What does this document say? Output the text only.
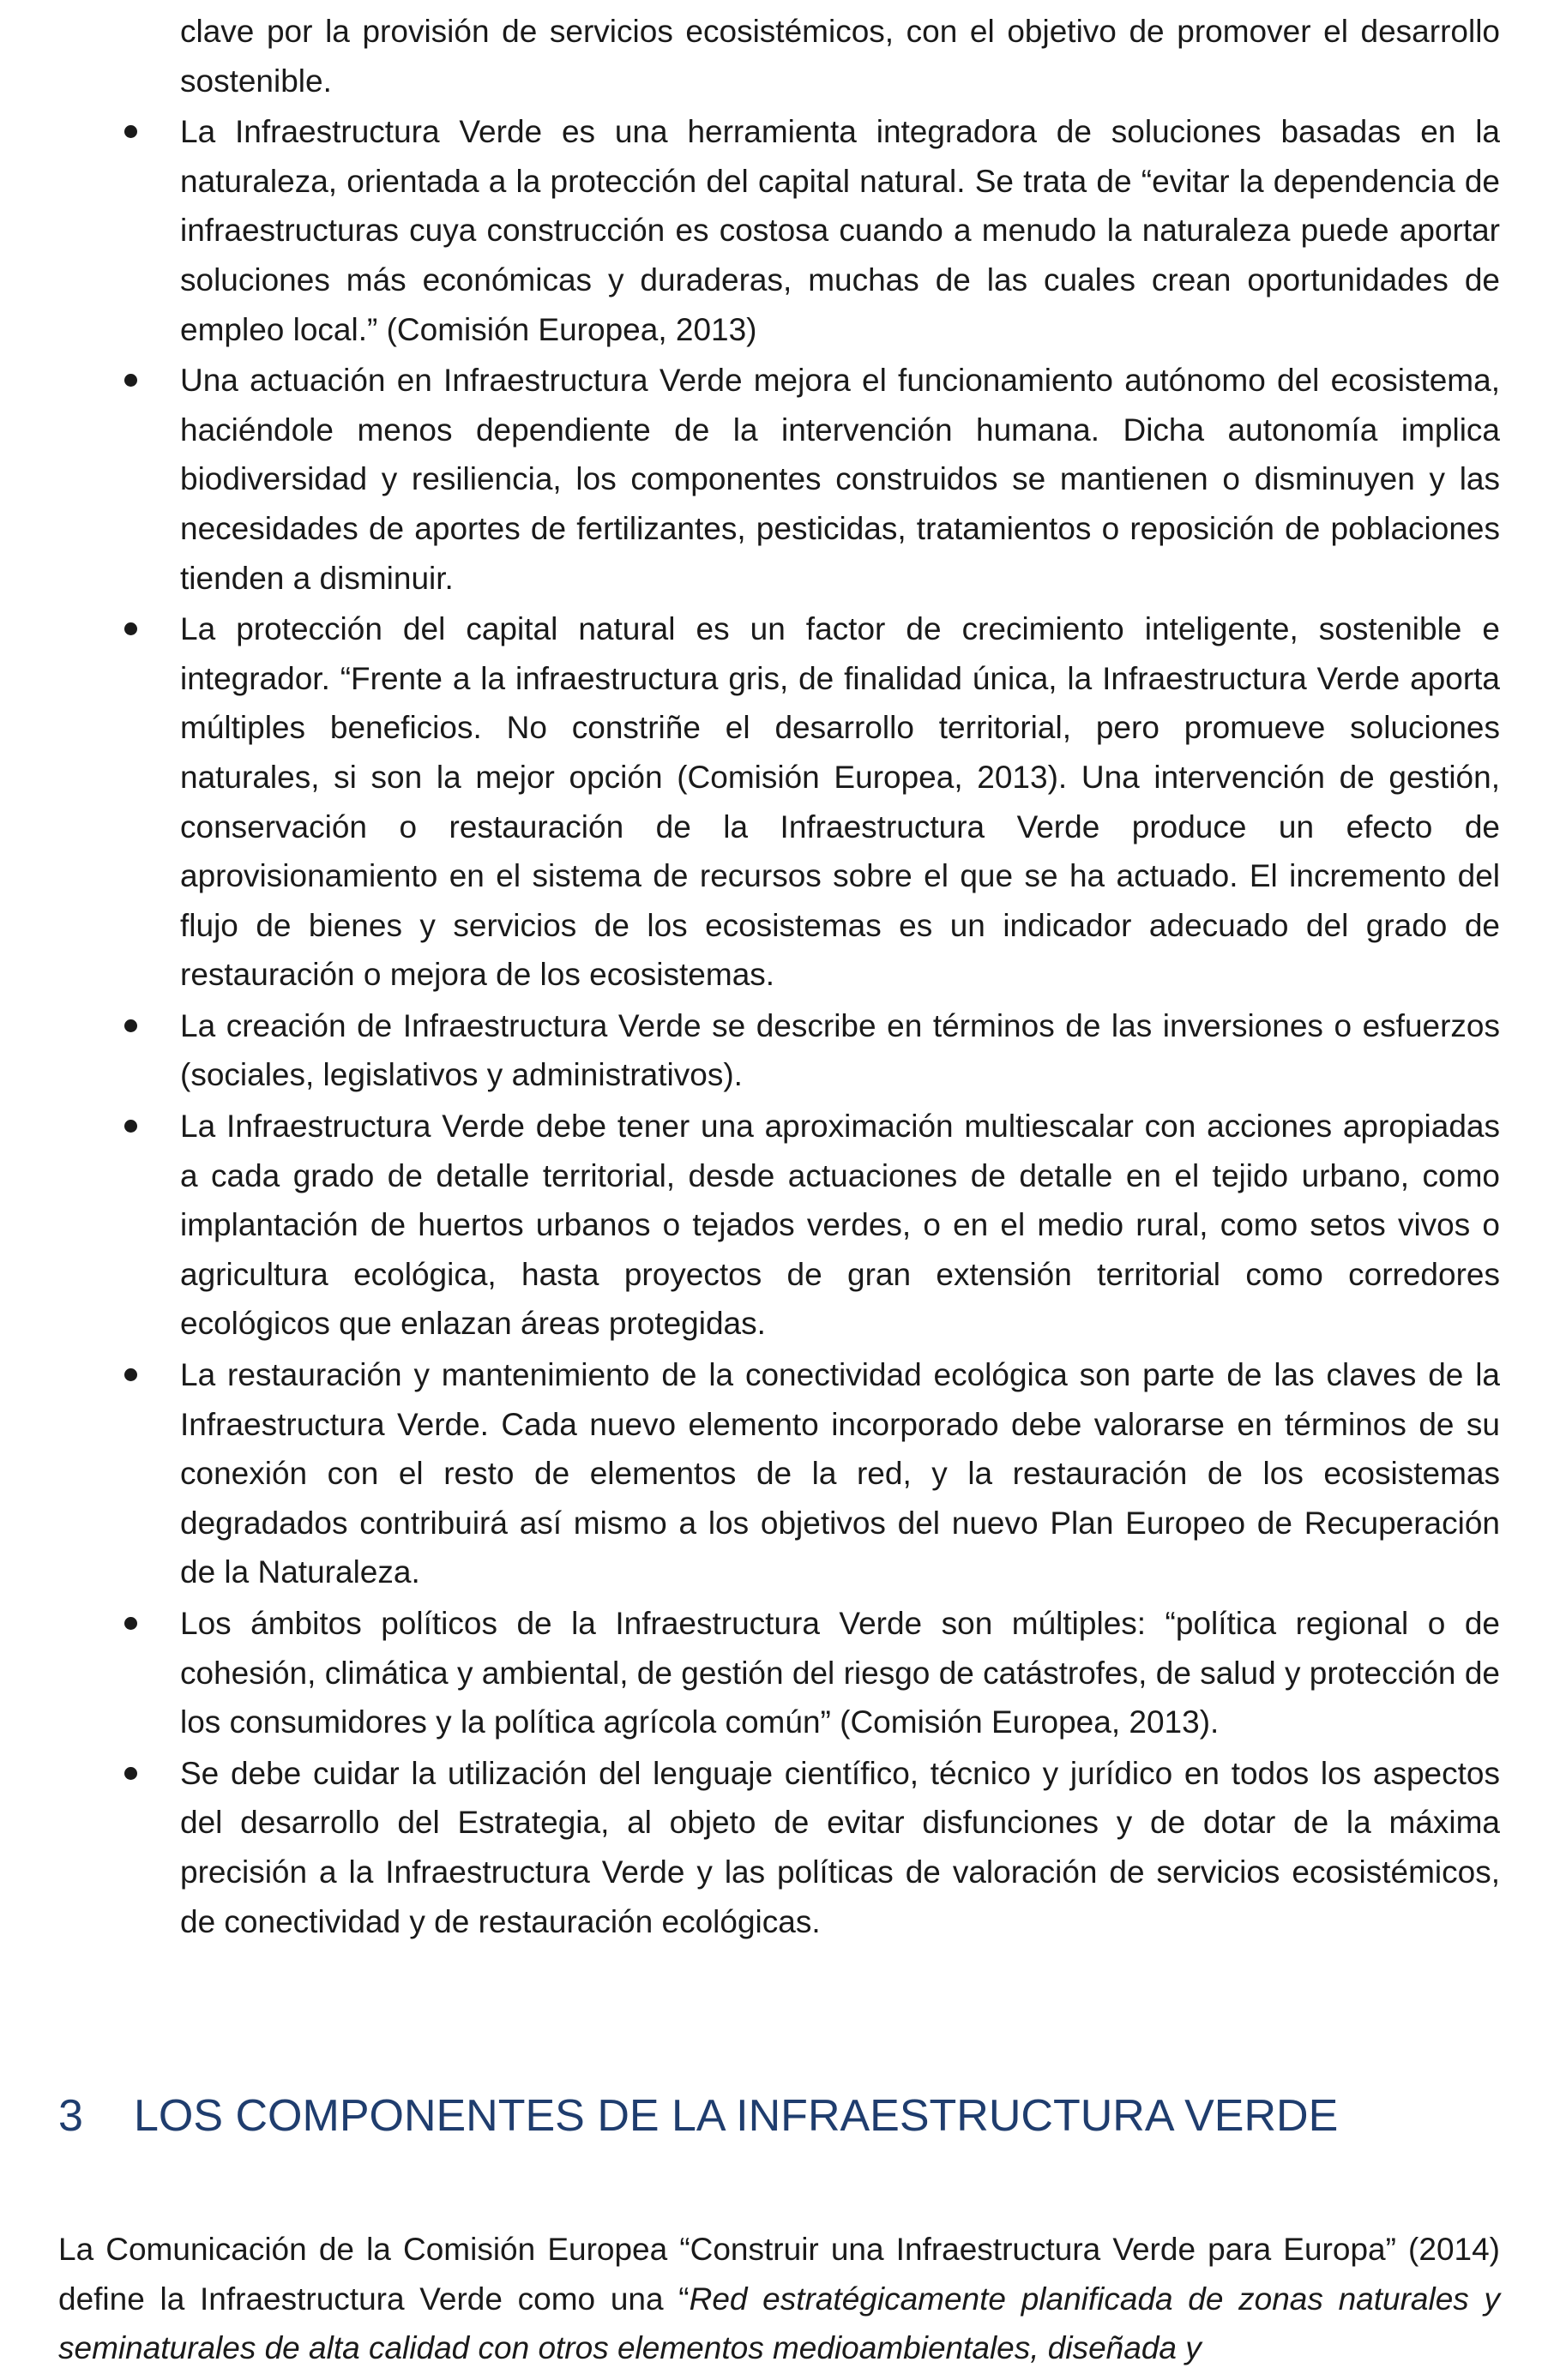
clave por la provisión de servicios ecosistémicos, con el objetivo de promover el desarrollo sostenible.

La Infraestructura Verde es una herramienta integradora de soluciones basadas en la naturaleza, orientada a la protección del capital natural. Se trata de “evitar la dependencia de infraestructuras cuya construcción es costosa cuando a menudo la naturaleza puede aportar soluciones más económicas y duraderas, muchas de las cuales crean oportunidades de empleo local.” (Comisión Europea, 2013)
Una actuación en Infraestructura Verde mejora el funcionamiento autónomo del ecosistema, haciéndole menos dependiente de la intervención humana. Dicha autonomía implica biodiversidad y resiliencia, los componentes construidos se mantienen o disminuyen y las necesidades de aportes de fertilizantes, pesticidas, tratamientos o reposición de poblaciones tienden a disminuir.
La protección del capital natural es un factor de crecimiento inteligente, sostenible e integrador. “Frente a la infraestructura gris, de finalidad única, la Infraestructura Verde aporta múltiples beneficios. No constriñe el desarrollo territorial, pero promueve soluciones naturales, si son la mejor opción (Comisión Europea, 2013). Una intervención de gestión, conservación o restauración de la Infraestructura Verde produce un efecto de aprovisionamiento en el sistema de recursos sobre el que se ha actuado. El incremento del flujo de bienes y servicios de los ecosistemas es un indicador adecuado del grado de restauración o mejora de los ecosistemas.
La creación de Infraestructura Verde se describe en términos de las inversiones o esfuerzos (sociales, legislativos y administrativos).
La Infraestructura Verde debe tener una aproximación multiescalar con acciones apropiadas a cada grado de detalle territorial, desde actuaciones de detalle en el tejido urbano, como implantación de huertos urbanos o tejados verdes, o en el medio rural, como setos vivos o agricultura ecológica, hasta proyectos de gran extensión territorial como corredores ecológicos que enlazan áreas protegidas.
La restauración y mantenimiento de la conectividad ecológica son parte de las claves de la Infraestructura Verde. Cada nuevo elemento incorporado debe valorarse en términos de su conexión con el resto de elementos de la red, y la restauración de los ecosistemas degradados contribuirá así mismo a los objetivos del nuevo Plan Europeo de Recuperación de la Naturaleza.
Los ámbitos políticos de la Infraestructura Verde son múltiples: “política regional o de cohesión, climática y ambiental, de gestión del riesgo de catástrofes, de salud y protección de los consumidores y la política agrícola común” (Comisión Europea, 2013).
Se debe cuidar la utilización del lenguaje científico, técnico y jurídico en todos los aspectos del desarrollo del Estrategia, al objeto de evitar disfunciones y de dotar de la máxima precisión a la Infraestructura Verde y las políticas de valoración de servicios ecosistémicos, de conectividad y de restauración ecológicas.
3 LOS COMPONENTES DE LA INFRAESTRUCTURA VERDE

La Comunicación de la Comisión Europea “Construir una Infraestructura Verde para Europa” (2014) define la Infraestructura Verde como una “Red estratégicamente planificada de zonas naturales y seminaturales de alta calidad con otros elementos medioambientales, diseñada y
